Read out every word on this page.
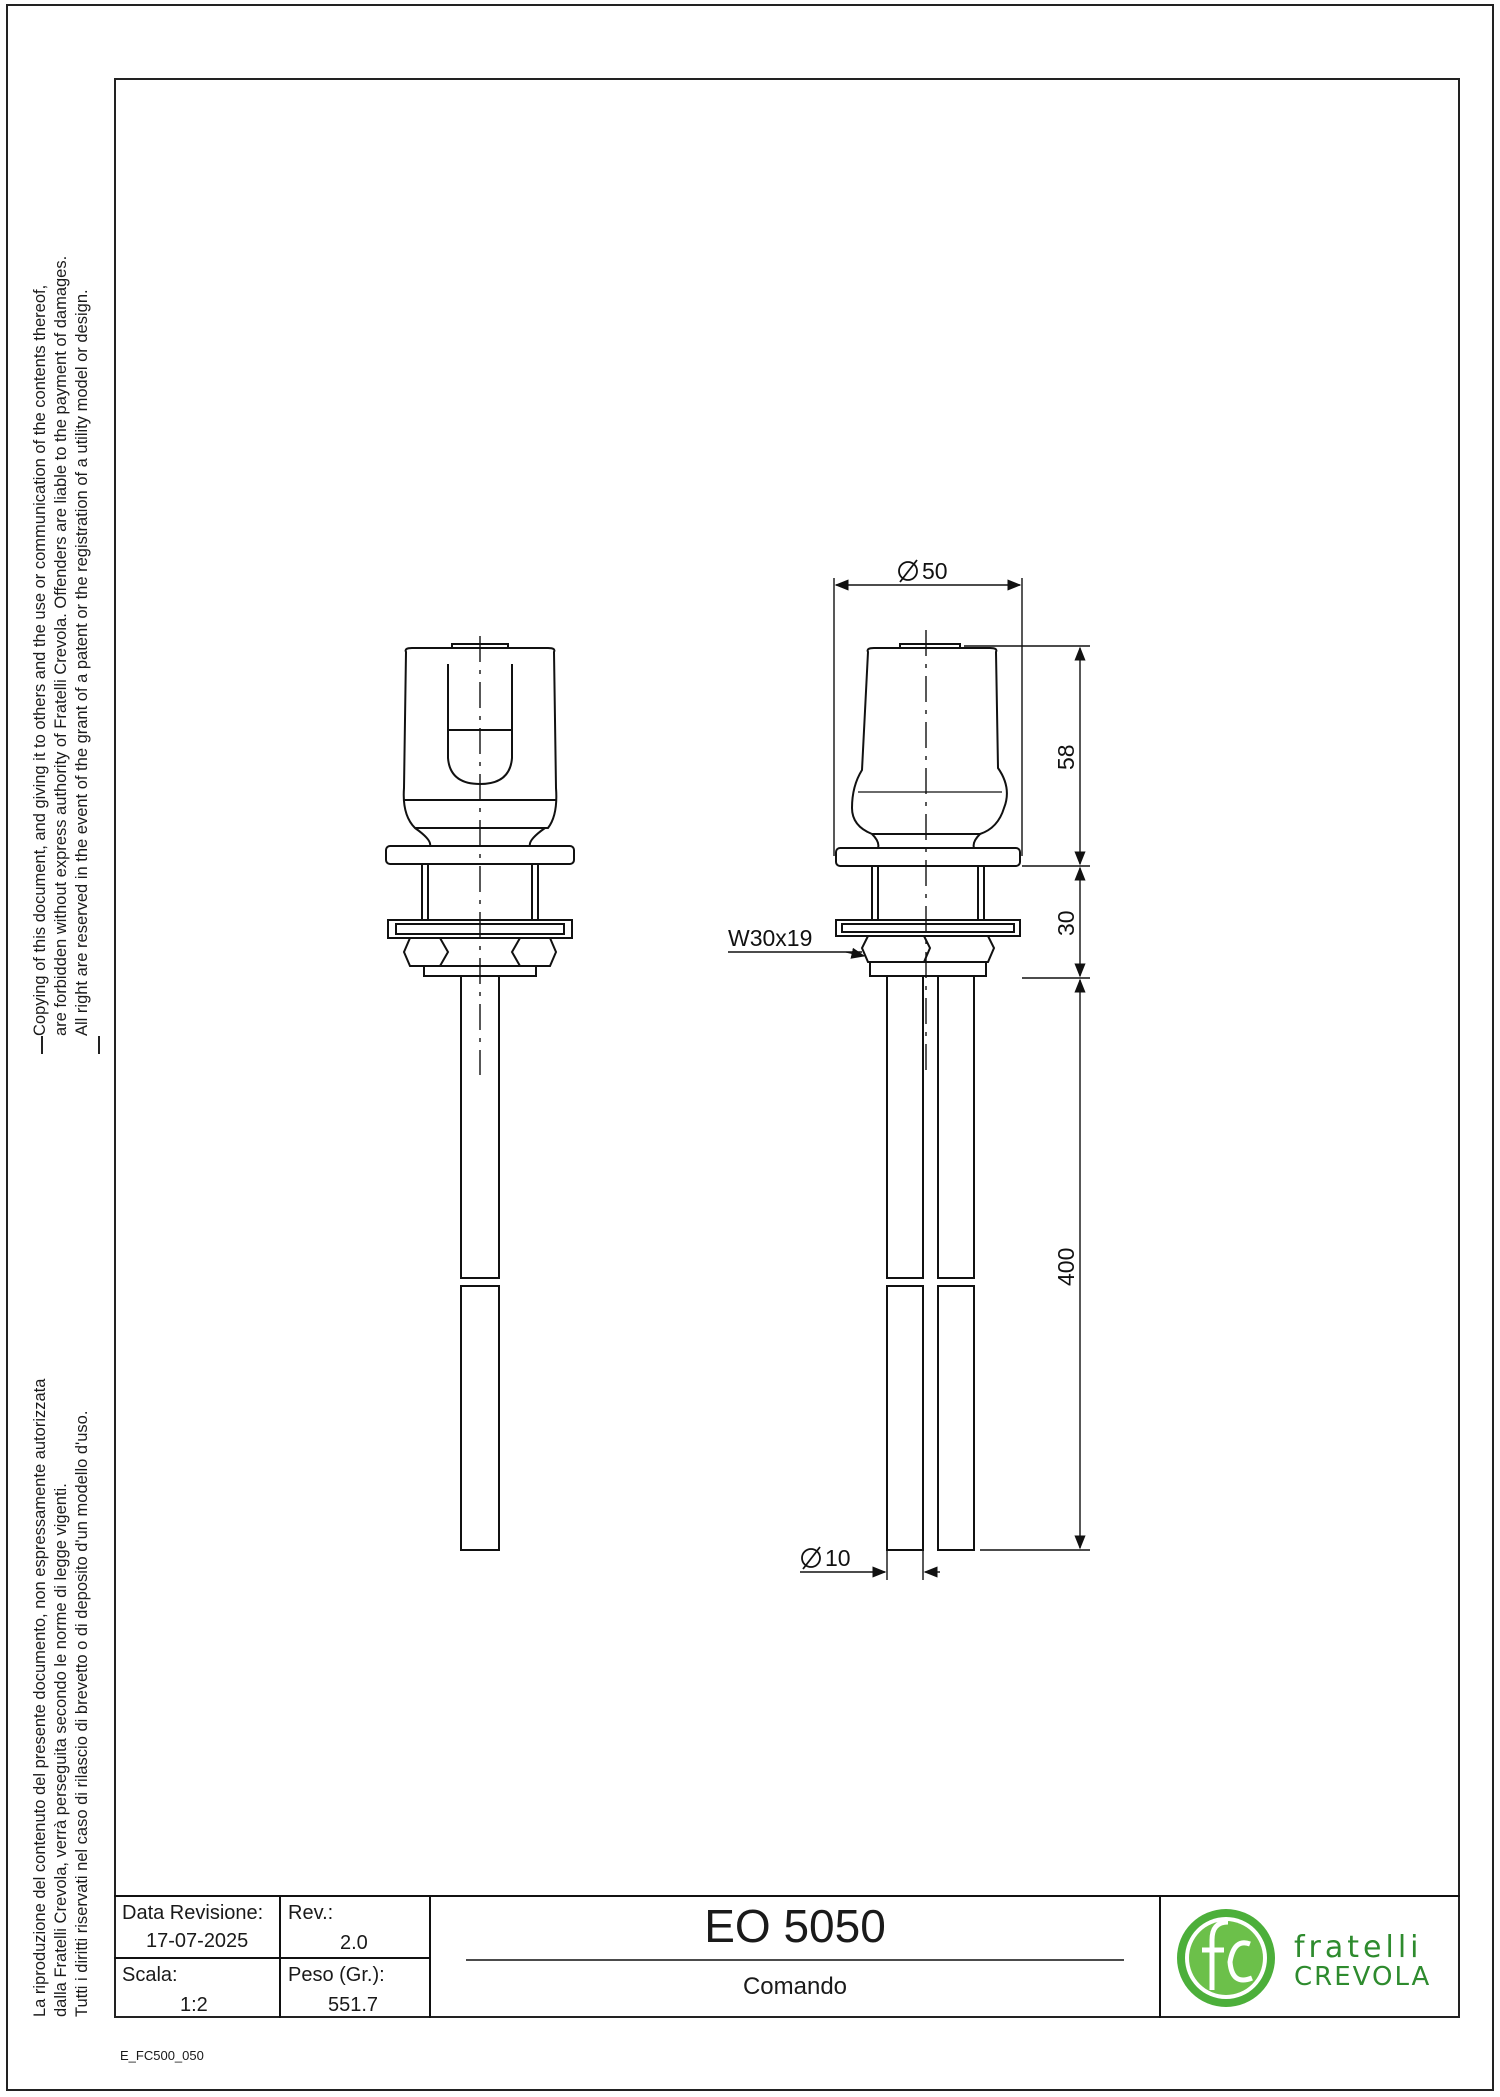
Copying of this document, and giving it to others and the use or communication of the contents thereof, are forbidden without express authority of Fratelli Crevola. Offenders are liable to the payment of damages. All right are reserved in the event of the grant of a patent or the registration of a utility model or design.
La riproduzione del contenuto del presente documento, non espressamente autorizzata dalla Fratelli Crevola, verrà perseguita secondo le norme di legge vigenti. Tutti i diritti riservati nel caso di rilascio di brevetto o di deposito d'un modello d'uso.
50
58
30
400
10
W30x19
Data Revisione:
17-07-2025
Rev.:
2.0
Scala:
1:2
Peso (Gr.):
551.7
EO 5050
Comando
fratelli
CREVOLA
E_FC500_050
